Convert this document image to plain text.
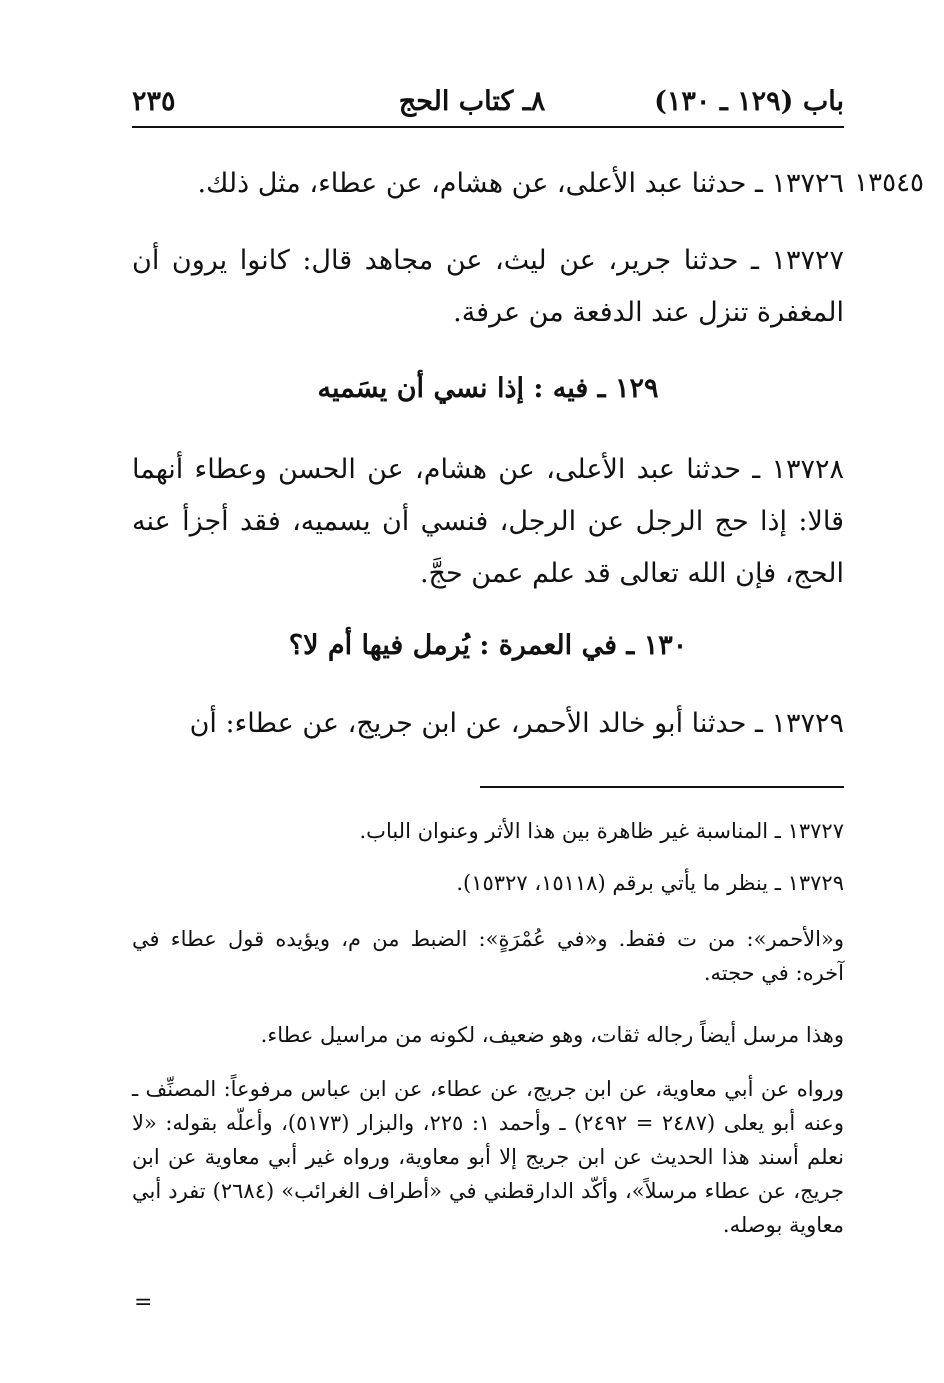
باب (١٢٩ ـ ١٣٠)
٨ـ كتاب الحج
٢٣٥
١٣٥٤٥
١٣٧٢٦ ـ حدثنا عبد الأعلى، عن هشام، عن عطاء، مثل ذلك.
١٣٧٢٧ ـ حدثنا جرير، عن ليث، عن مجاهد قال: كانوا يرون أن المغفرة تنزل عند الدفعة من عرفة.
١٢٩ ـ فيه : إذا نسي أن يسَميه
١٣٧٢٨ ـ حدثنا عبد الأعلى، عن هشام، عن الحسن وعطاء أنهما قالا: إذا حج الرجل عن الرجل، فنسي أن يسميه، فقد أجزأ عنه الحج، فإن الله تعالى قد علم عمن حجَّ.
١٣٠ ـ في العمرة : يُرمل فيها أم لا؟
١٣٧٢٩ ـ حدثنا أبو خالد الأحمر، عن ابن جريج، عن عطاء: أن
١٣٧٢٧ ـ المناسبة غير ظاهرة بين هذا الأثر وعنوان الباب.
١٣٧٢٩ ـ ينظر ما يأتي برقم (١٥١١٨، ١٥٣٢٧).
و«الأحمر»: من ت فقط. و«في عُمْرَةٍ»: الضبط من م، ويؤيده قول عطاء في آخره: في حجته.
وهذا مرسل أيضاً رجاله ثقات، وهو ضعيف، لكونه من مراسيل عطاء.
ورواه عن أبي معاوية، عن ابن جريج، عن عطاء، عن ابن عباس مرفوعاً: المصنِّف ـ وعنه أبو يعلى (٢٤٨٧ = ٢٤٩٢) ـ وأحمد ١: ٢٢٥، والبزار (٥١٧٣)، وأعلّه بقوله: «لا نعلم أسند هذا الحديث عن ابن جريج إلا أبو معاوية، ورواه غير أبي معاوية عن ابن جريج، عن عطاء مرسلاً»، وأكّد الدارقطني في «أطراف الغرائب» (٢٦٨٤) تفرد أبي معاوية بوصله.
=
